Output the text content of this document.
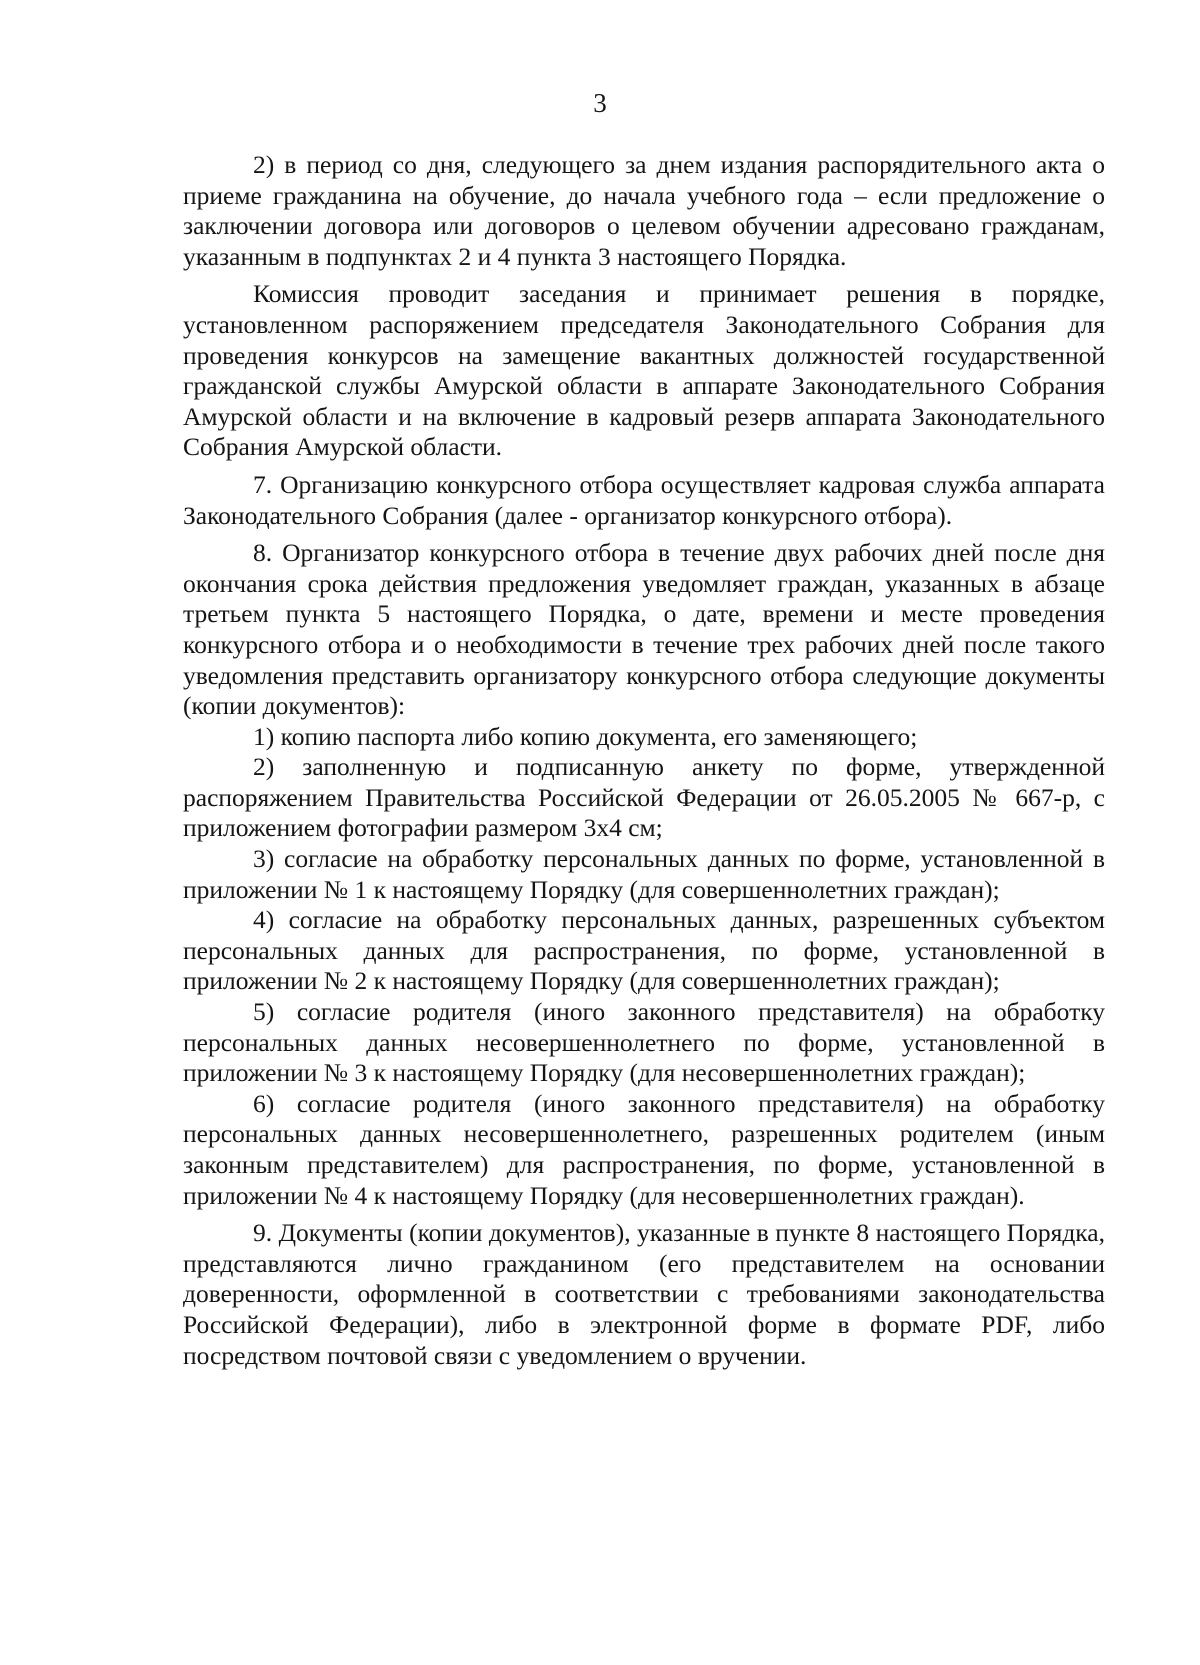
3

2) в период со дня, следующего за днем издания распорядительного акта о приеме гражданина на обучение, до начала учебного года – если предложение о заключении договора или договоров о целевом обучении адресовано гражданам, указанным в подпунктах 2 и 4 пункта 3 настоящего Порядка.

Комиссия проводит заседания и принимает решения в порядке, установленном распоряжением председателя Законодательного Собрания для проведения конкурсов на замещение вакантных должностей государственной гражданской службы Амурской области в аппарате Законодательного Собрания Амурской области и на включение в кадровый резерв аппарата Законодательного Собрания Амурской области.

7. Организацию конкурсного отбора осуществляет кадровая служба аппарата Законодательного Собрания (далее - организатор конкурсного отбора).

8. Организатор конкурсного отбора в течение двух рабочих дней после дня окончания срока действия предложения уведомляет граждан, указанных в абзаце третьем пункта 5 настоящего Порядка, о дате, времени и месте проведения конкурсного отбора и о необходимости в течение трех рабочих дней после такого уведомления представить организатору конкурсного отбора следующие документы (копии документов):

1) копию паспорта либо копию документа, его заменяющего;

2) заполненную и подписанную анкету по форме, утвержденной распоряжением Правительства Российской Федерации от 26.05.2005 № 667-р, с приложением фотографии размером 3х4 см;

3) согласие на обработку персональных данных по форме, установленной в приложении № 1 к настоящему Порядку (для совершеннолетних граждан);

4) согласие на обработку персональных данных, разрешенных субъектом персональных данных для распространения, по форме, установленной в приложении № 2 к настоящему Порядку (для совершеннолетних граждан);

5) согласие родителя (иного законного представителя) на обработку персональных данных несовершеннолетнего по форме, установленной в приложении № 3 к настоящему Порядку (для несовершеннолетних граждан);

6) согласие родителя (иного законного представителя) на обработку персональных данных несовершеннолетнего, разрешенных родителем (иным законным представителем) для распространения, по форме, установленной в приложении № 4 к настоящему Порядку (для несовершеннолетних граждан).

9. Документы (копии документов), указанные в пункте 8 настоящего Порядка, представляются лично гражданином (его представителем на основании доверенности, оформленной в соответствии с требованиями законодательства Российской Федерации), либо в электронной форме в формате PDF, либо посредством почтовой связи с уведомлением о вручении.
